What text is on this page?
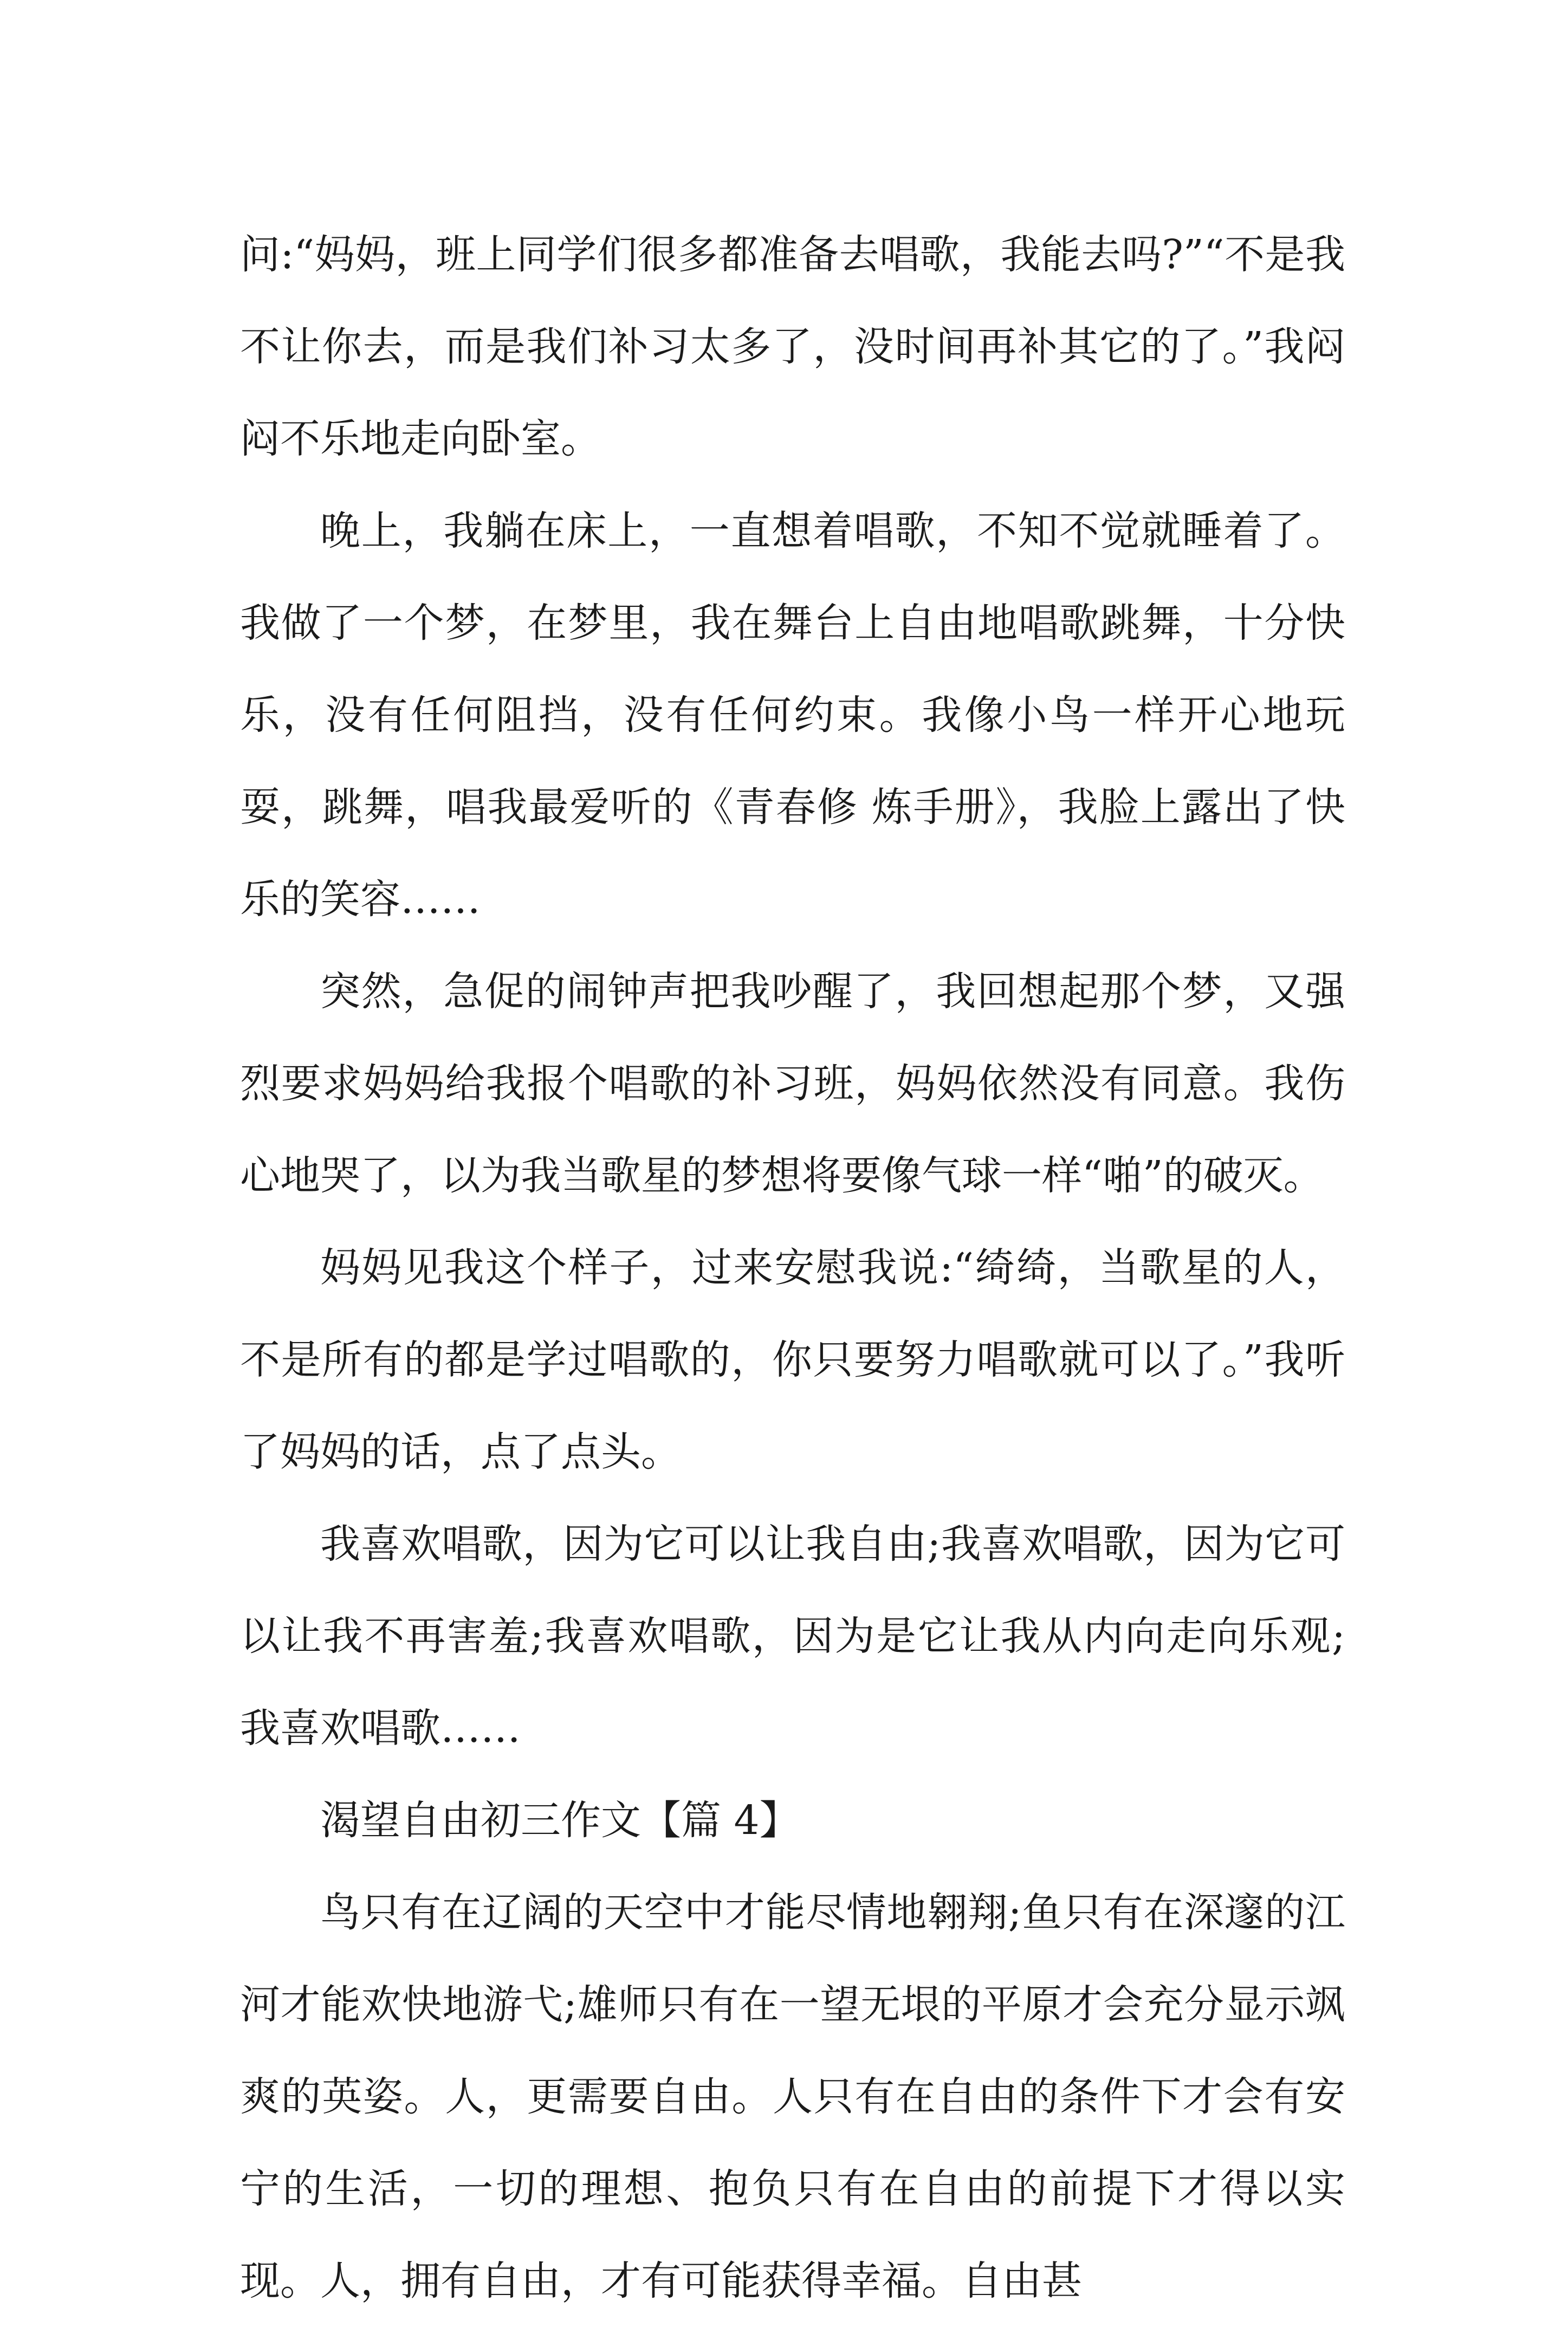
问:“妈妈，班上同学们很多都准备去唱歌，我能去吗?”“不是我不让你去，而是我们补习太多了，没时间再补其它的了。”我闷闷不乐地走向卧室。

晚上，我躺在床上，一直想着唱歌，不知不觉就睡着了。我做了一个梦，在梦里，我在舞台上自由地唱歌跳舞，十分快乐，没有任何阻挡，没有任何约束。我像小鸟一样开心地玩耍，跳舞，唱我最爱听的《青春修 炼手册》，我脸上露出了快乐的笑容……

突然，急促的闹钟声把我吵醒了，我回想起那个梦，又强烈要求妈妈给我报个唱歌的补习班，妈妈依然没有同意。我伤心地哭了，以为我当歌星的梦想将要像气球一样“啪”的破灭。

妈妈见我这个样子，过来安慰我说:“绮绮，当歌星的人，不是所有的都是学过唱歌的，你只要努力唱歌就可以了。”我听了妈妈的话，点了点头。

我喜欢唱歌，因为它可以让我自由;我喜欢唱歌，因为它可以让我不再害羞;我喜欢唱歌，因为是它让我从内向走向乐观;我喜欢唱歌……

渴望自由初三作文【篇 4】

鸟只有在辽阔的天空中才能尽情地翱翔;鱼只有在深邃的江河才能欢快地游弋;雄师只有在一望无垠的平原才会充分显示飒爽的英姿。人，更需要自由。人只有在自由的条件下才会有安宁的生活，一切的理想、抱负只有在自由的前提下才得以实现。人，拥有自由，才有可能获得幸福。自由甚
